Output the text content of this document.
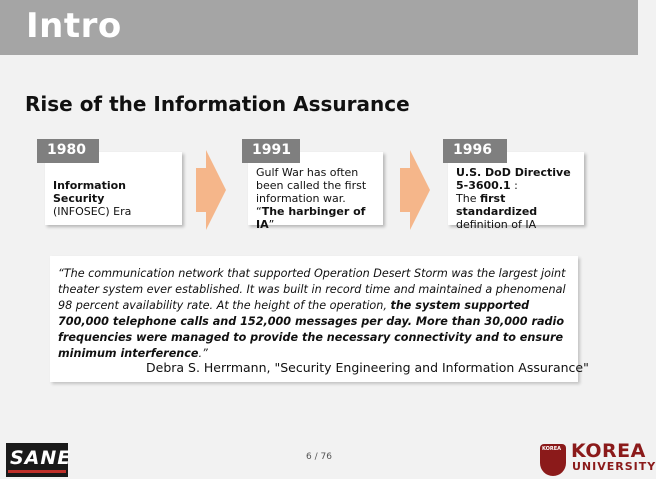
Intro
Rise of the Information Assurance
1980 ~
Information Security
(INFOSEC) Era
1991
Gulf War has often
been called the first
information war.
“The harbinger of IA”
1996
U.S. DoD Directive
5-3600.1 :
The first standardized
definition of IA
“The communication network that supported Operation Desert Storm was the largest joint theater system ever established. It was built in record time and maintained a phenomenal 98 percent availability rate. At the height of the operation, the system supported 700,000 telephone calls and 152,000 messages per day. More than 30,000 radio frequencies were managed to provide the necessary connectivity and to ensure minimum interference.”
Debra S. Herrmann, "Security Engineering and Information Assurance"
SANE	6 / 76
KOREA KOREA
UNIVERSITY
